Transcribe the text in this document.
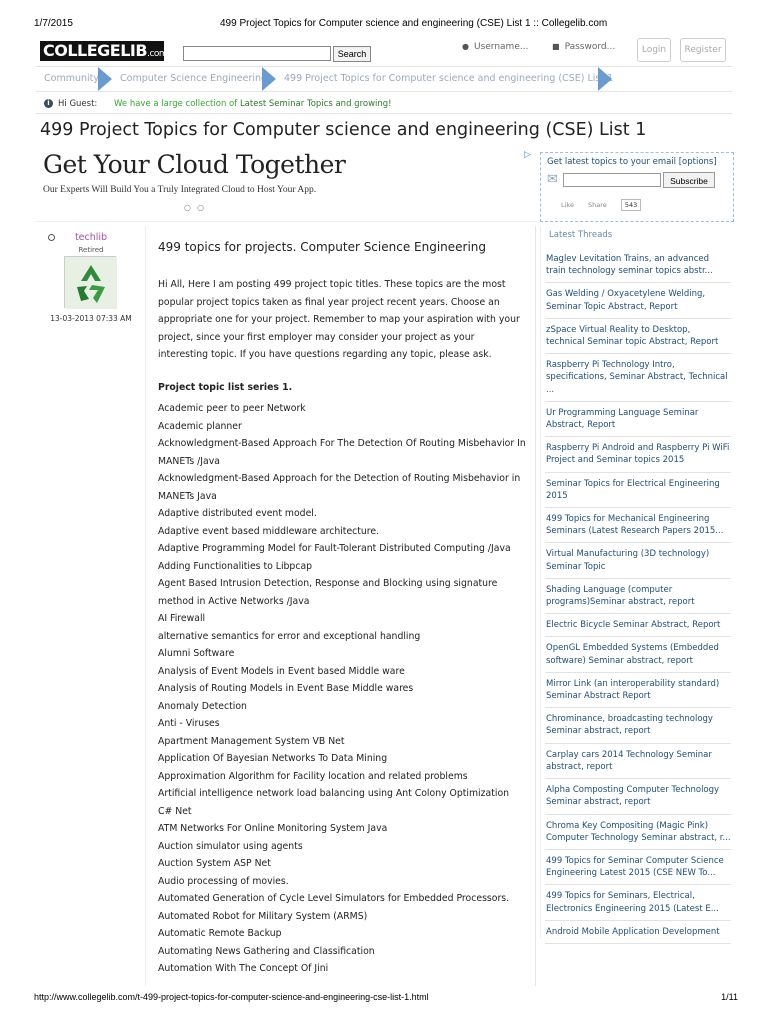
1/7/2015	499 Project Topics for Computer science and engineering (CSE) List 1 :: Collegelib.com
COLLEGELIB.com	Search
● Username...	■ Password...	Login	Register
Community Computer Science Engineering 499 Project Topics for Computer science and engineering (CSE) List 1
i Hi Guest: We have a large collection of Latest Seminar Topics and growing!
499 Project Topics for Computer science and engineering (CSE) List 1
Get Your Cloud Together
Our Experts Will Build You a Truly Integrated Cloud to Host Your App.
▷
○○
Get latest topics to your email [options]
✉	Subscribe
Like Share	543
techlib
Retired
13-03-2013 07:33 AM
499 topics for projects. Computer Science Engineering
Hi All, Here I am posting 499 project topic titles. These topics are the most popular project topics taken as final year project recent years. Choose an appropriate one for your project. Remember to map your aspiration with your project, since your first employer may consider your project as your interesting topic. If you have questions regarding any topic, please ask.
Project topic list series 1.
Academic peer to peer Network
Academic planner
Acknowledgment-Based Approach For The Detection Of Routing Misbehavior In MANETs /Java
Acknowledgment-Based Approach for the Detection of Routing Misbehavior in MANETs Java
Adaptive distributed event model.
Adaptive event based middleware architecture.
Adaptive Programming Model for Fault-Tolerant Distributed Computing /Java
Adding Functionalities to Libpcap
Agent Based Intrusion Detection, Response and Blocking using signature method in Active Networks /Java
AI Firewall
alternative semantics for error and exceptional handling
Alumni Software
Analysis of Event Models in Event based Middle ware
Analysis of Routing Models in Event Base Middle wares
Anomaly Detection
Anti - Viruses
Apartment Management System VB Net
Application Of Bayesian Networks To Data Mining
Approximation Algorithm for Facility location and related problems
Artificial intelligence network load balancing using Ant Colony Optimization C# Net
ATM Networks For Online Monitoring System Java
Auction simulator using agents
Auction System ASP Net
Audio processing of movies.
Automated Generation of Cycle Level Simulators for Embedded Processors.
Automated Robot for Military System (ARMS)
Automatic Remote Backup
Automating News Gathering and Classification
Automation With The Concept Of Jini
Latest Threads
Maglev Levitation Trains, an advanced train technology seminar topics abstr...
Gas Welding / Oxyacetylene Welding, Seminar Topic Abstract, Report
zSpace Virtual Reality to Desktop, technical Seminar topic Abstract, Report
Raspberry Pi Technology Intro, specifications, Seminar Abstract, Technical ...
Ur Programming Language Seminar Abstract, Report
Raspberry Pi Android and Raspberry Pi WiFi Project and Seminar topics 2015
Seminar Topics for Electrical Engineering 2015
499 Topics for Mechanical Engineering Seminars (Latest Research Papers 2015...
Virtual Manufacturing (3D technology) Seminar Topic
Shading Language (computer programs)Seminar abstract, report
Electric Bicycle Seminar Abstract, Report
OpenGL Embedded Systems (Embedded software) Seminar abstract, report
Mirror Link (an interoperability standard) Seminar Abstract Report
Chrominance, broadcasting technology Seminar abstract, report
Carplay cars 2014 Technology Seminar abstract, report
Alpha Composting Computer Technology Seminar abstract, report
Chroma Key Compositing (Magic Pink) Computer Technology Seminar abstract, r...
499 Topics for Seminar Computer Science Engineering Latest 2015 (CSE NEW To...
499 Topics for Seminars, Electrical, Electronics Engineering 2015 (Latest E...
Android Mobile Application Development
http://www.collegelib.com/t-499-project-topics-for-computer-science-and-engineering-cse-list-1.html	1/11
